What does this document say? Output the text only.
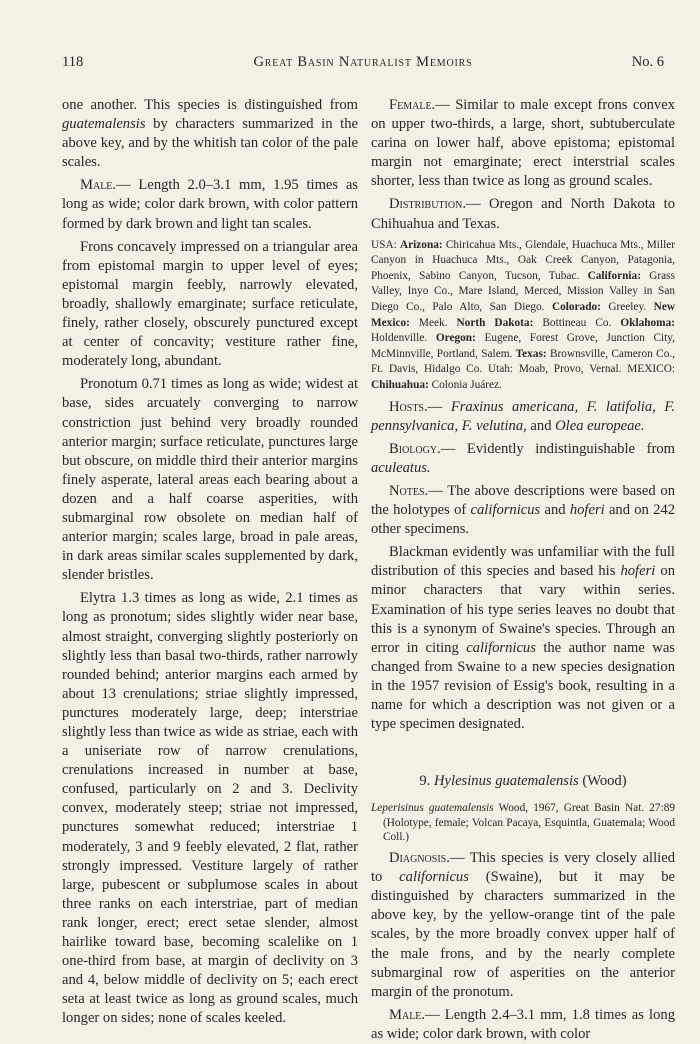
118	Great Basin Naturalist Memoirs	No. 6

one another. This species is distinguished from guatemalensis by characters summarized in the above key, and by the whitish tan color of the pale scales.

Male.— Length 2.0–3.1 mm, 1.95 times as long as wide; color dark brown, with color pattern formed by dark brown and light tan scales.

Frons concavely impressed on a triangular area from epistomal margin to upper level of eyes; epistomal margin feebly, narrowly elevated, broadly, shallowly emarginate; surface reticulate, finely, rather closely, obscurely punctured except at center of concavity; vestiture rather fine, moderately long, abundant.

Pronotum 0.71 times as long as wide; widest at base, sides arcuately converging to narrow constriction just behind very broadly rounded anterior margin; surface reticulate, punctures large but obscure, on middle third their anterior margins finely asperate, lateral areas each bearing about a dozen and a half coarse asperities, with submarginal row obsolete on median half of anterior margin; scales large, broad in pale areas, in dark areas similar scales supplemented by dark, slender bristles.

Elytra 1.3 times as long as wide, 2.1 times as long as pronotum; sides slightly wider near base, almost straight, converging slightly posteriorly on slightly less than basal two-thirds, rather narrowly rounded behind; anterior margins each armed by about 13 crenulations; striae slightly impressed, punctures moderately large, deep; interstriae slightly less than twice as wide as striae, each with a uniseriate row of narrow crenulations, crenulations increased in number at base, confused, particularly on 2 and 3. Declivity convex, moderately steep; striae not impressed, punctures somewhat reduced; interstriae 1 moderately, 3 and 9 feebly elevated, 2 flat, rather strongly impressed. Vestiture largely of rather large, pubescent or subplumose scales in about three ranks on each interstriae, part of median rank longer, erect; erect setae slender, almost hairlike toward base, becoming scalelike on 1 one-third from base, at margin of declivity on 3 and 4, below middle of declivity on 5; each erect seta at least twice as long as ground scales, much longer on sides; none of scales keeled.

Female.— Similar to male except frons convex on upper two-thirds, a large, short, subtuberculate carina on lower half, above epistoma; epistomal margin not emarginate; erect interstrial scales shorter, less than twice as long as ground scales.

Distribution.— Oregon and North Dakota to Chihuahua and Texas.

USA: Arizona: Chiricahua Mts., Glendale, Huachuca Mts., Miller Canyon in Huachuca Mts., Oak Creek Canyon, Patagonia, Phoenix, Sabino Canyon, Tucson, Tubac. California: Grass Valley, Inyo Co., Mare Island, Merced, Mission Valley in San Diego Co., Palo Alto, San Diego. Colorado: Greeley. New Mexico: Meek. North Dakota: Bottineau Co. Oklahoma: Holdenville. Oregon: Eugene, Forest Grove, Junction City, McMinnville, Portland, Salem. Texas: Brownsville, Cameron Co., Ft. Davis, Hidalgo Co. Utah: Moab, Provo, Vernal. MEXICO: Chihuahua: Colonia Juárez.

Hosts.— Fraxinus americana, F. latifolia, F. pennsylvanica, F. velutina, and Olea europeae.

Biology.— Evidently indistinguishable from aculeatus.

Notes.— The above descriptions were based on the holotypes of californicus and hoferi and on 242 other specimens.

Blackman evidently was unfamiliar with the full distribution of this species and based his hoferi on minor characters that vary within series. Examination of his type series leaves no doubt that this is a synonym of Swaine's species. Through an error in citing californicus the author name was changed from Swaine to a new species designation in the 1957 revision of Essig's book, resulting in a name for which a description was not given or a type specimen designated.

9. Hylesinus guatemalensis (Wood)

Leperisinus guatemalensis Wood, 1967, Great Basin Nat. 27:89 (Holotype, female; Volcan Pacaya, Esquintla, Guatemala; Wood Coll.)

Diagnosis.— This species is very closely allied to californicus (Swaine), but it may be distinguished by characters summarized in the above key, by the yellow-orange tint of the pale scales, by the more broadly convex upper half of the male frons, and by the nearly complete submarginal row of asperities on the anterior margin of the pronotum.

Male.— Length 2.4–3.1 mm, 1.8 times as long as wide; color dark brown, with color
